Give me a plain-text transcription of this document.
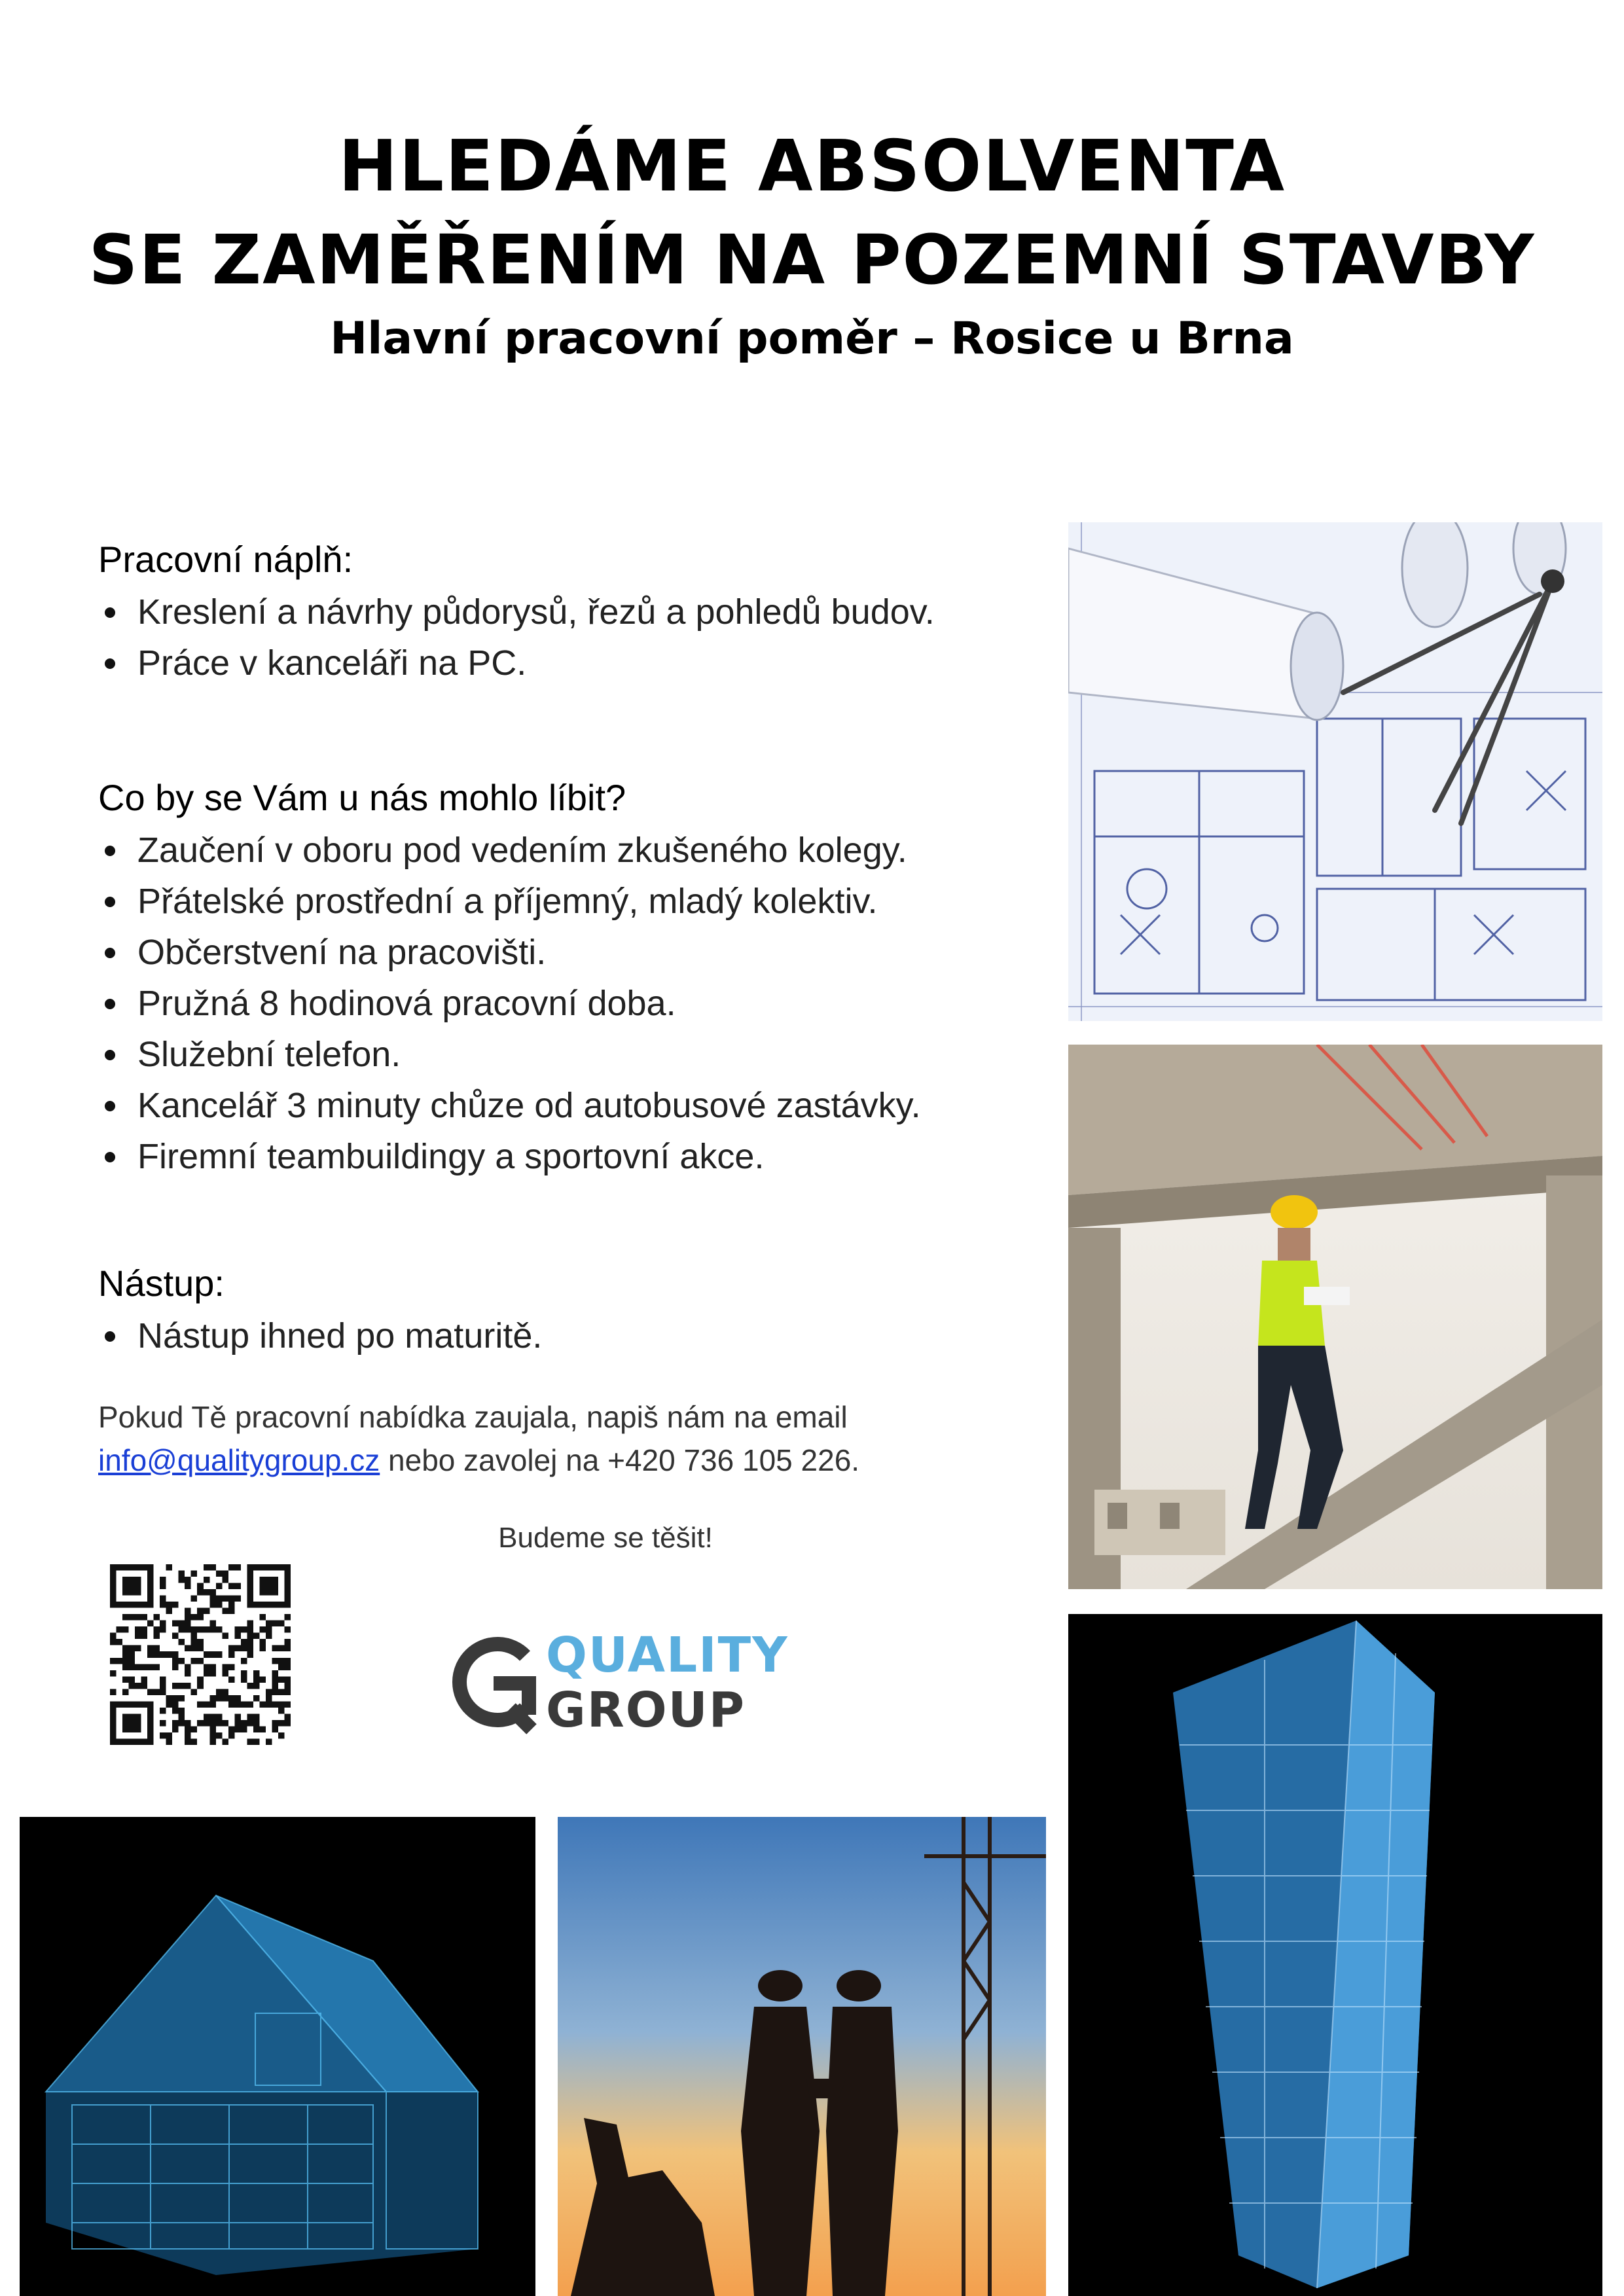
HLEDÁME ABSOLVENTA
SE ZAMĚŘENÍM NA POZEMNÍ STAVBY
Hlavní pracovní poměr – Rosice u Brna
Pracovní náplň:
Kreslení a návrhy půdorysů, řezů a pohledů budov.
Práce v kanceláři na PC.
Co by se Vám u nás mohlo líbit?
Zaučení v oboru pod vedením zkušeného kolegy.
Přátelské prostřední a příjemný, mladý kolektiv.
Občerstvení na pracovišti.
Pružná 8 hodinová pracovní doba.
Služební telefon.
Kancelář 3 minuty chůze od autobusové zastávky.
Firemní teambuildingy a sportovní akce.
Nástup:
Nástup ihned po maturitě.
Pokud Tě pracovní nabídka zaujala, napiš nám na email
info@qualitygroup.cz nebo zavolej na +420 736 105 226.
Budeme se těšit!
QUALITY
GROUP
